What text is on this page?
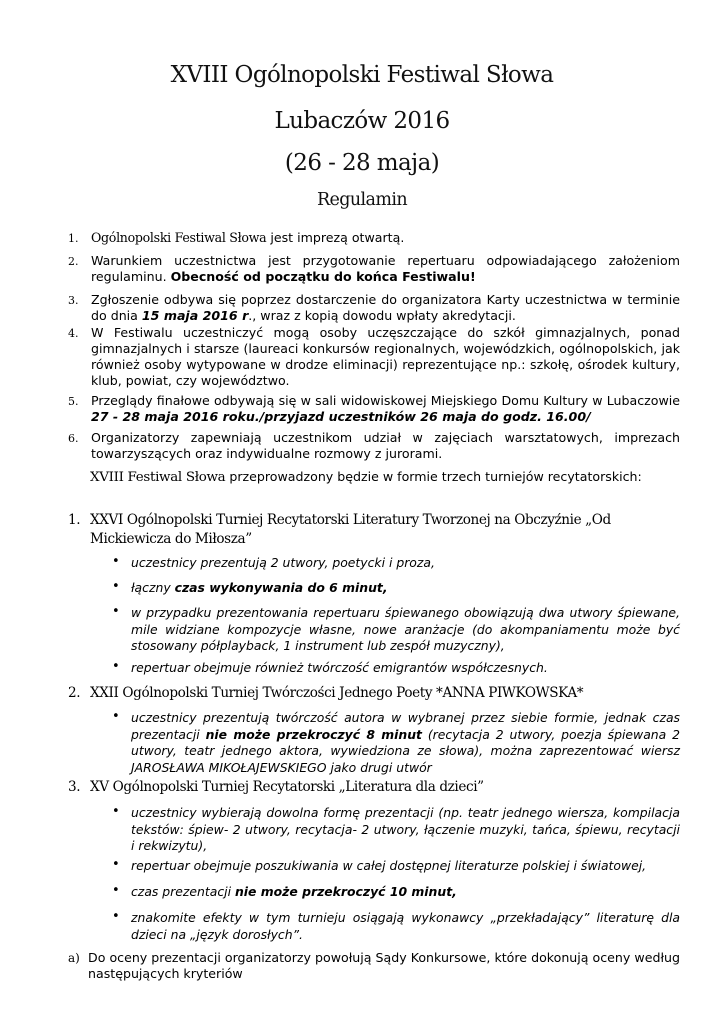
XVIII Ogólnopolski Festiwal Słowa
Lubaczów 2016
(26 - 28 maja)
Regulamin
1. Ogólnopolski Festiwal Słowa jest imprezą otwartą.
2. Warunkiem uczestnictwa jest przygotowanie repertuaru odpowiadającego założeniom regulaminu. Obecność od początku do końca Festiwalu!
3. Zgłoszenie odbywa się poprzez dostarczenie do organizatora Karty uczestnictwa w terminie do dnia 15 maja 2016 r., wraz z kopią dowodu wpłaty akredytacji.
4. W Festiwalu uczestniczyć mogą osoby uczęszczające do szkół gimnazjalnych, ponad gimnazjalnych i starsze (laureaci konkursów regionalnych, wojewódzkich, ogólnopolskich, jak również osoby wytypowane w drodze eliminacji) reprezentujące np.: szkołę, ośrodek kultury, klub, powiat, czy województwo.
5. Przeglądy finałowe odbywają się w sali widowiskowej Miejskiego Domu Kultury w Lubaczowie 27 - 28 maja 2016 roku./przyjazd uczestników 26 maja do godz. 16.00/
6. Organizatorzy zapewniają uczestnikom udział w zajęciach warsztatowych, imprezach towarzyszących oraz indywidualne rozmowy z jurorami.
XVIII Festiwal Słowa przeprowadzony będzie w formie trzech turniejów recytatorskich:
1. XXVI Ogólnopolski Turniej Recytatorski Literatury Tworzonej na Obczyźnie „Od Mickiewicza do Miłosza”
• uczestnicy prezentują 2 utwory, poetycki i proza,
• łączny czas wykonywania do 6 minut,
• w przypadku prezentowania repertuaru śpiewanego obowiązują dwa utwory śpiewane, mile widziane kompozycje własne, nowe aranżacje (do akompaniamentu może być stosowany półplayback, 1 instrument lub zespół muzyczny),
• repertuar obejmuje również twórczość emigrantów współczesnych.
2. XXII Ogólnopolski Turniej Twórczości Jednego Poety *ANNA PIWKOWSKA*
• uczestnicy prezentują twórczość autora w wybranej przez siebie formie, jednak czas prezentacji nie może przekroczyć 8 minut (recytacja 2 utwory, poezja śpiewana 2 utwory, teatr jednego aktora, wywiedziona ze słowa), można zaprezentować wiersz JAROSŁAWA MIKOŁAJEWSKIEGO jako drugi utwór
3. XV Ogólnopolski Turniej Recytatorski „Literatura dla dzieci”
• uczestnicy wybierają dowolna formę prezentacji (np. teatr jednego wiersza, kompilacja tekstów: śpiew- 2 utwory, recytacja- 2 utwory, łączenie muzyki, tańca, śpiewu, recytacji i rekwizytu),
• repertuar obejmuje poszukiwania w całej dostępnej literaturze polskiej i światowej,
• czas prezentacji nie może przekroczyć 10 minut,
• znakomite efekty w tym turnieju osiągają wykonawcy „przekładający” literaturę dla dzieci na „język dorosłych”.
a) Do oceny prezentacji organizatorzy powołują Sądy Konkursowe, które dokonują oceny według następujących kryteriów
